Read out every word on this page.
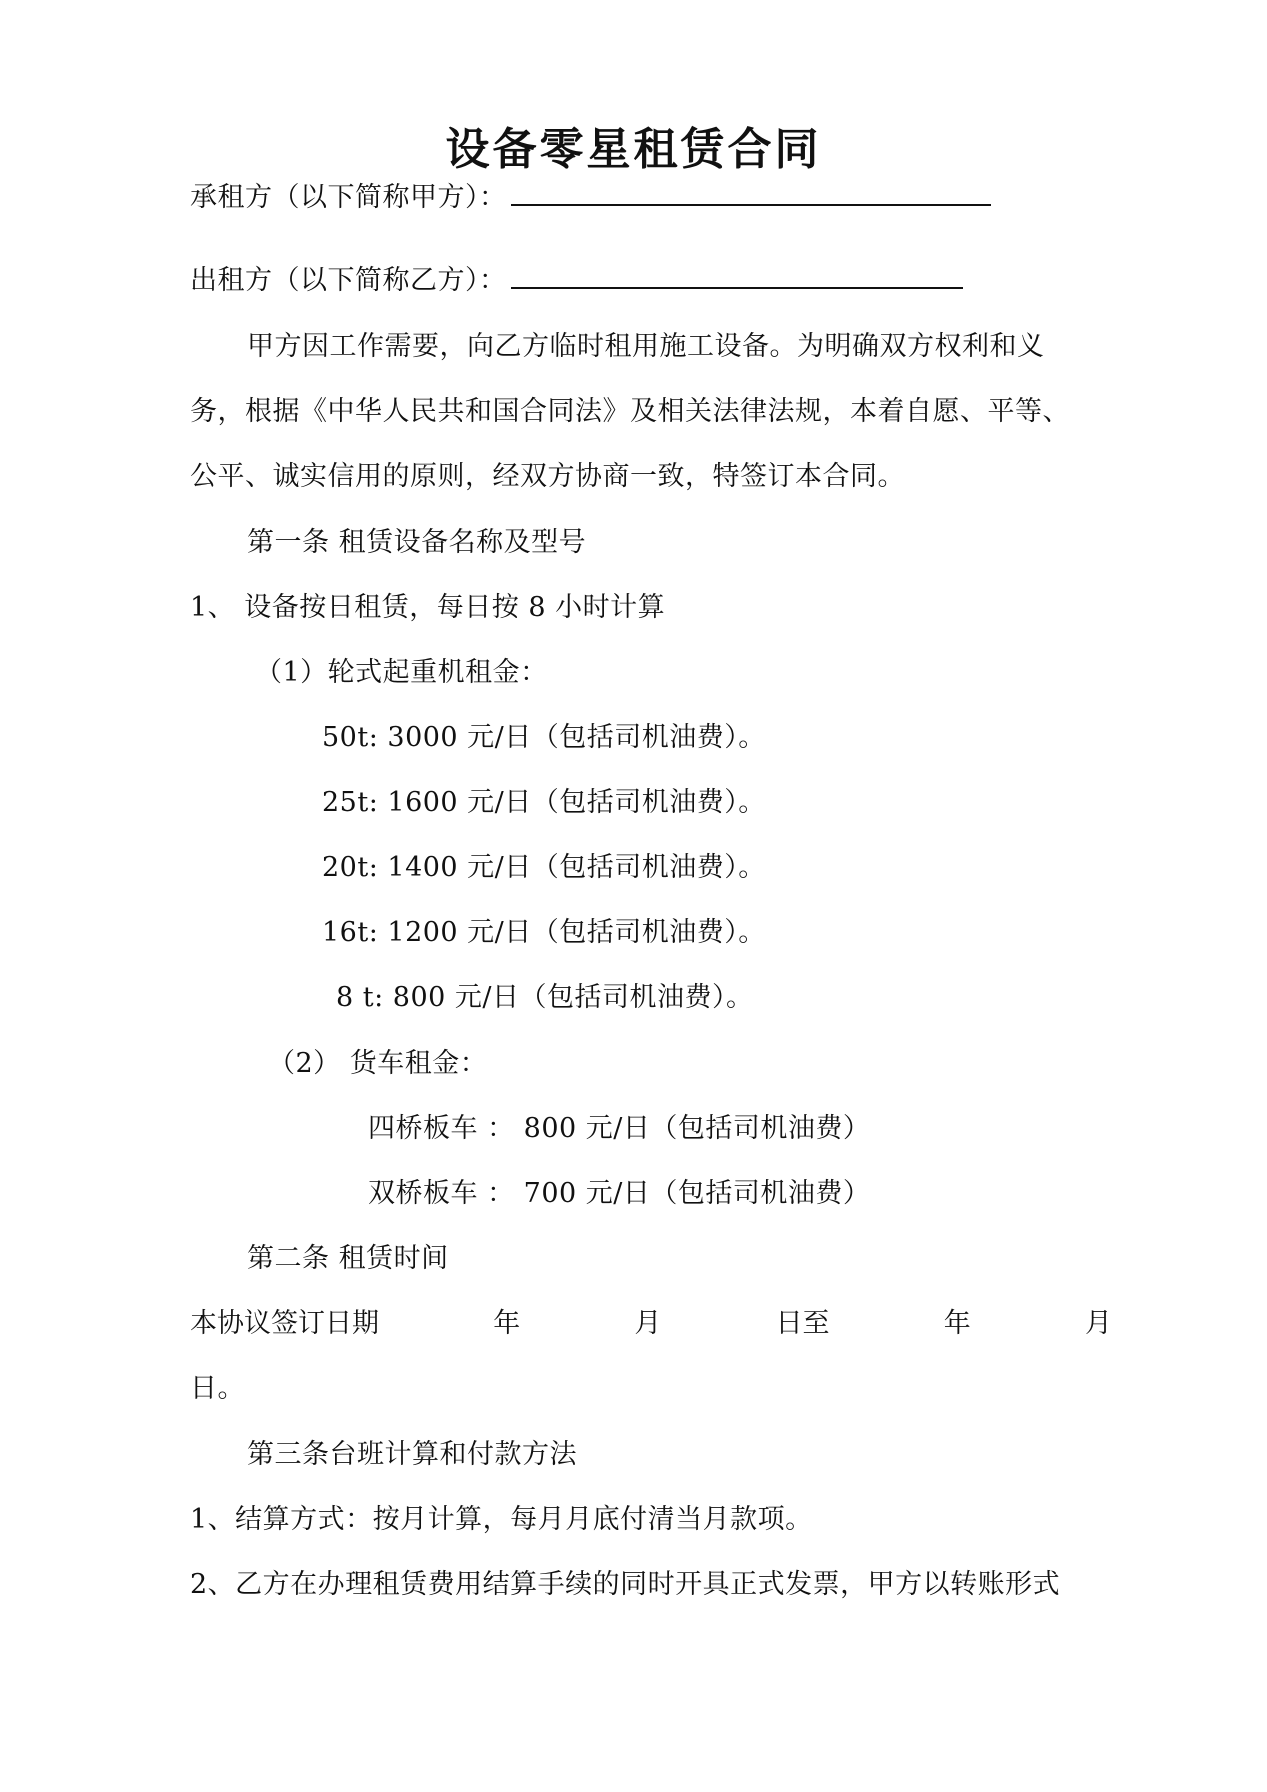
设备零星租赁合同
承租方（以下简称甲方）：
出租方（以下简称乙方）：
甲方因工作需要，向乙方临时租用施工设备。为明确双方权利和义
务，根据《中华人民共和国合同法》及相关法律法规，本着自愿、平等、
公平、诚实信用的原则，经双方协商一致，特签订本合同。
第一条 租赁设备名称及型号
1、 设备按日租赁，每日按 8 小时计算
（1）轮式起重机租金：
50t: 3000 元/日（包括司机油费）。
25t: 1600 元/日（包括司机油费）。
20t: 1400 元/日（包括司机油费）。
16t: 1200 元/日（包括司机油费）。
8 t: 800 元/日（包括司机油费）。
（2） 货车租金：
四桥板车 ： 800 元/日（包括司机油费）
双桥板车 ： 700 元/日（包括司机油费）
第二条 租赁时间
本协议签订日期	年	月	日至	年	月
日。
第三条台班计算和付款方法
1、结算方式：按月计算，每月月底付清当月款项。
2、乙方在办理租赁费用结算手续的同时开具正式发票，甲方以转账形式
